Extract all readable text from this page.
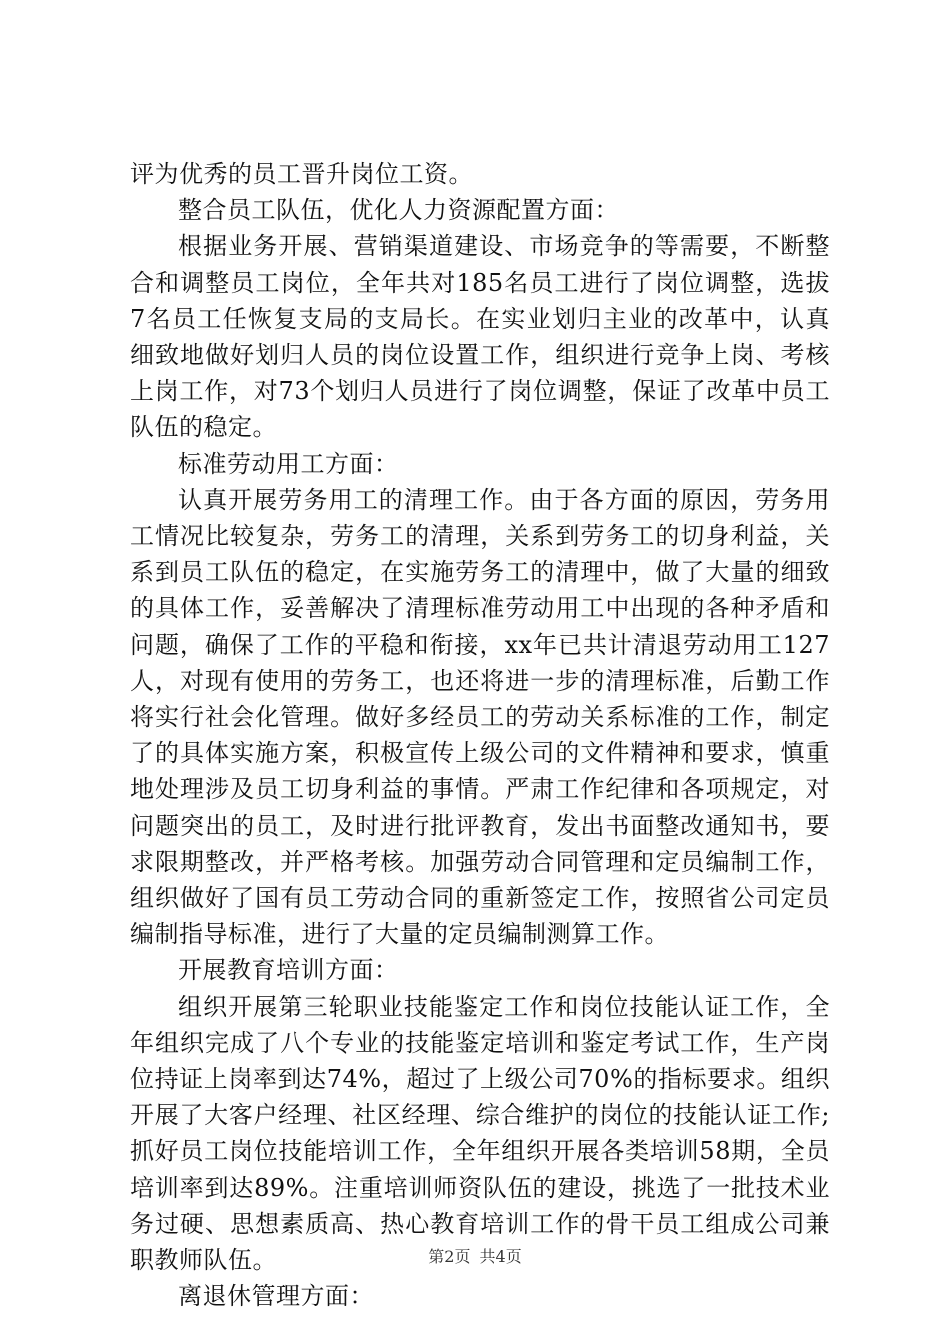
评为优秀的员工晋升岗位工资。

整合员工队伍，优化人力资源配置方面：

根据业务开展、营销渠道建设、市场竞争的等需要，不断整合和调整员工岗位，全年共对185名员工进行了岗位调整，选拔7名员工任恢复支局的支局长。在实业划归主业的改革中，认真细致地做好划归人员的岗位设置工作，组织进行竞争上岗、考核上岗工作，对73个划归人员进行了岗位调整，保证了改革中员工队伍的稳定。

标准劳动用工方面：

认真开展劳务用工的清理工作。由于各方面的原因，劳务用工情况比较复杂，劳务工的清理，关系到劳务工的切身利益，关系到员工队伍的稳定，在实施劳务工的清理中，做了大量的细致的具体工作，妥善解决了清理标准劳动用工中出现的各种矛盾和问题，确保了工作的平稳和衔接，xx年已共计清退劳动用工127人，对现有使用的劳务工，也还将进一步的清理标准，后勤工作将实行社会化管理。做好多经员工的劳动关系标准的工作，制定了的具体实施方案，积极宣传上级公司的文件精神和要求，慎重地处理涉及员工切身利益的事情。严肃工作纪律和各项规定，对问题突出的员工，及时进行批评教育，发出书面整改通知书，要求限期整改，并严格考核。加强劳动合同管理和定员编制工作，组织做好了国有员工劳动合同的重新签定工作，按照省公司定员编制指导标准，进行了大量的定员编制测算工作。

开展教育培训方面：

组织开展第三轮职业技能鉴定工作和岗位技能认证工作，全年组织完成了八个专业的技能鉴定培训和鉴定考试工作，生产岗位持证上岗率到达74%，超过了上级公司70%的指标要求。组织开展了大客户经理、社区经理、综合维护的岗位的技能认证工作;抓好员工岗位技能培训工作，全年组织开展各类培训58期，全员培训率到达89%。注重培训师资队伍的建设，挑选了一批技术业务过硬、思想素质高、热心教育培训工作的骨干员工组成公司兼职教师队伍。

离退休管理方面：

第2页 共4页
